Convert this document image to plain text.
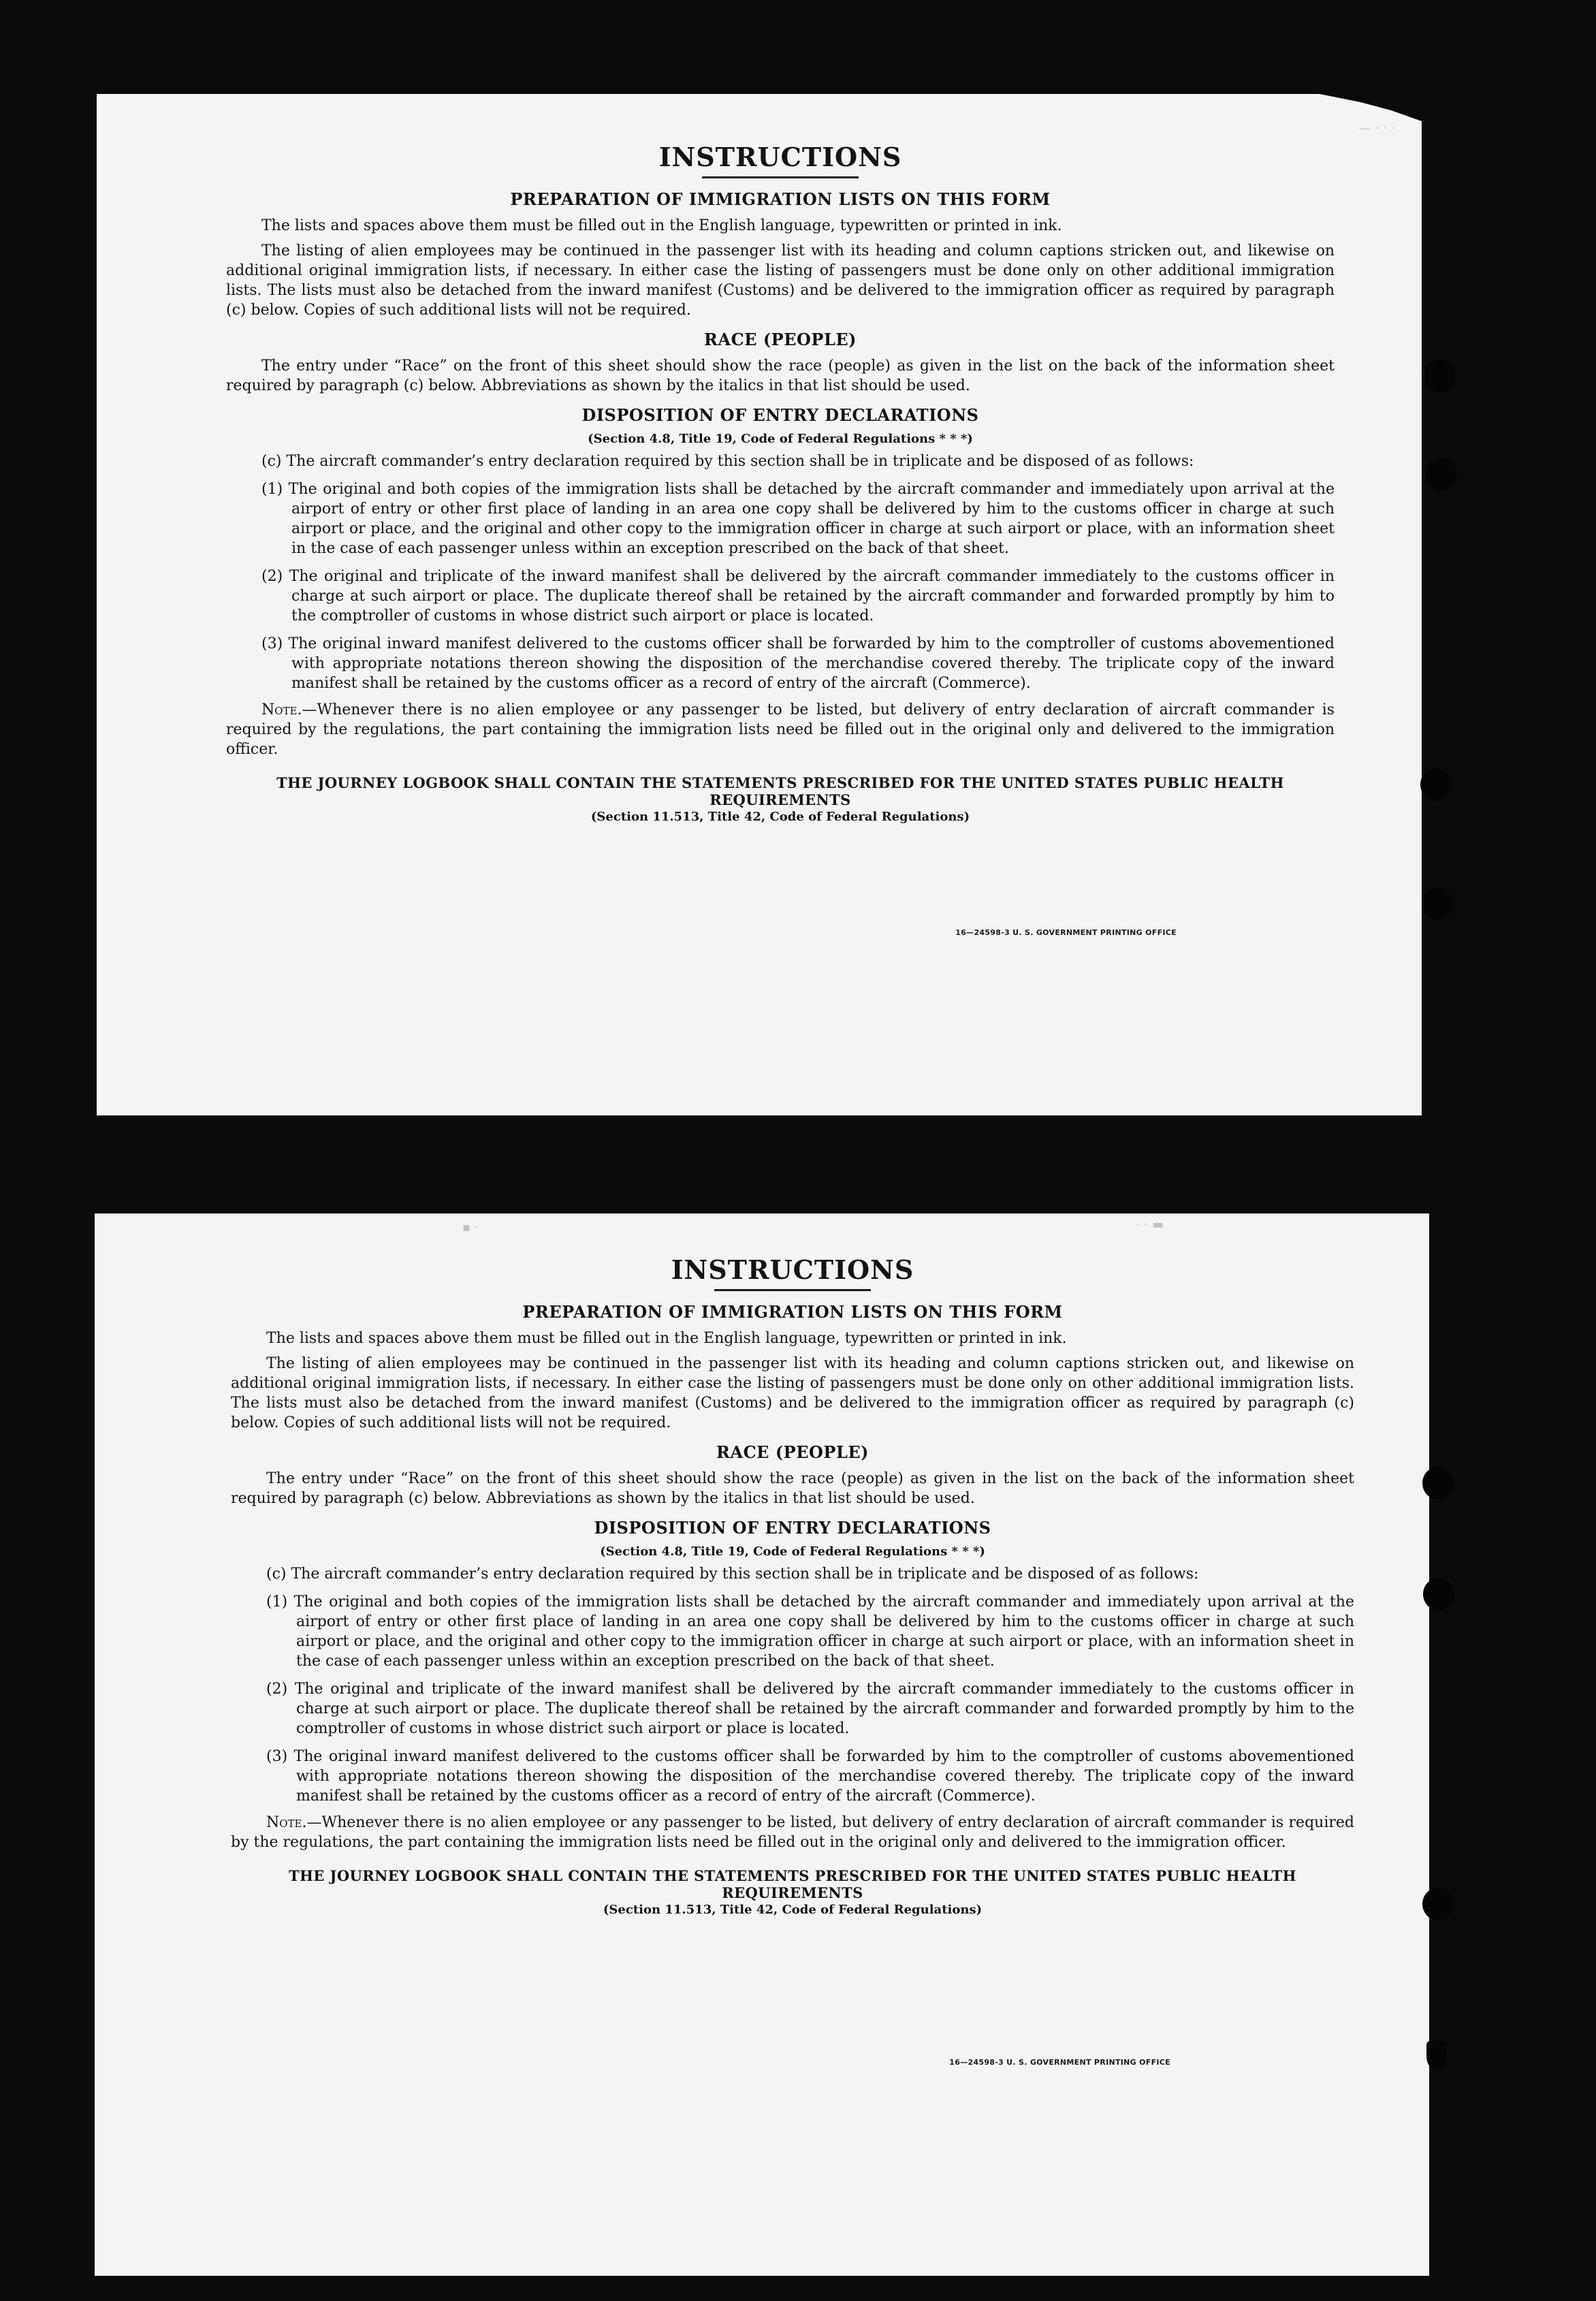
— · · ·
INSTRUCTIONS
PREPARATION OF IMMIGRATION LISTS ON THIS FORM

The lists and spaces above them must be filled out in the English language, typewritten or printed in ink.

The listing of alien employees may be continued in the passenger list with its heading and column captions stricken out, and likewise on additional original immigration lists, if necessary. In either case the listing of passengers must be done only on other additional immigration lists. The lists must also be detached from the inward manifest (Customs) and be delivered to the immigration officer as required by paragraph (c) below. Copies of such additional lists will not be required.

RACE (PEOPLE)

The entry under “Race” on the front of this sheet should show the race (people) as given in the list on the back of the information sheet required by paragraph (c) below. Abbreviations as shown by the italics in that list should be used.

DISPOSITION OF ENTRY DECLARATIONS
(Section 4.8, Title 19, Code of Federal Regulations * * *)
(c) The aircraft commander’s entry declaration required by this section shall be in triplicate and be disposed of as follows:
(1) The original and both copies of the immigration lists shall be detached by the aircraft commander and immediately upon arrival at the airport of entry or other first place of landing in an area one copy shall be delivered by him to the customs officer in charge at such airport or place, and the original and other copy to the immigration officer in charge at such airport or place, with an information sheet in the case of each passenger unless within an exception prescribed on the back of that sheet.
(2) The original and triplicate of the inward manifest shall be delivered by the aircraft commander immediately to the customs officer in charge at such airport or place. The duplicate thereof shall be retained by the aircraft commander and forwarded promptly by him to the comptroller of customs in whose district such airport or place is located.
(3) The original inward manifest delivered to the customs officer shall be forwarded by him to the comptroller of customs abovementioned with appropriate notations thereon showing the disposition of the merchandise covered thereby. The triplicate copy of the inward manifest shall be retained by the customs officer as a record of entry of the aircraft (Commerce).

Note.—Whenever there is no alien employee or any passenger to be listed, but delivery of entry declaration of aircraft commander is required by the regulations, the part containing the immigration lists need be filled out in the original only and delivered to the immigration officer.

THE JOURNEY LOGBOOK SHALL CONTAIN THE STATEMENTS PRESCRIBED FOR THE UNITED STATES PUBLIC HEALTH REQUIREMENTS
(Section 11.513, Title 42, Code of Federal Regulations)
16—24598-3 U. S. GOVERNMENT PRINTING OFFICE
▪ ·	· · ▬
INSTRUCTIONS
PREPARATION OF IMMIGRATION LISTS ON THIS FORM

The lists and spaces above them must be filled out in the English language, typewritten or printed in ink.

The listing of alien employees may be continued in the passenger list with its heading and column captions stricken out, and likewise on additional original immigration lists, if necessary. In either case the listing of passengers must be done only on other additional immigration lists. The lists must also be detached from the inward manifest (Customs) and be delivered to the immigration officer as required by paragraph (c) below. Copies of such additional lists will not be required.

RACE (PEOPLE)

The entry under “Race” on the front of this sheet should show the race (people) as given in the list on the back of the information sheet required by paragraph (c) below. Abbreviations as shown by the italics in that list should be used.

DISPOSITION OF ENTRY DECLARATIONS
(Section 4.8, Title 19, Code of Federal Regulations * * *)
(c) The aircraft commander’s entry declaration required by this section shall be in triplicate and be disposed of as follows:
(1) The original and both copies of the immigration lists shall be detached by the aircraft commander and immediately upon arrival at the airport of entry or other first place of landing in an area one copy shall be delivered by him to the customs officer in charge at such airport or place, and the original and other copy to the immigration officer in charge at such airport or place, with an information sheet in the case of each passenger unless within an exception prescribed on the back of that sheet.
(2) The original and triplicate of the inward manifest shall be delivered by the aircraft commander immediately to the customs officer in charge at such airport or place. The duplicate thereof shall be retained by the aircraft commander and forwarded promptly by him to the comptroller of customs in whose district such airport or place is located.
(3) The original inward manifest delivered to the customs officer shall be forwarded by him to the comptroller of customs abovementioned with appropriate notations thereon showing the disposition of the merchandise covered thereby. The triplicate copy of the inward manifest shall be retained by the customs officer as a record of entry of the aircraft (Commerce).

Note.—Whenever there is no alien employee or any passenger to be listed, but delivery of entry declaration of aircraft commander is required by the regulations, the part containing the immigration lists need be filled out in the original only and delivered to the immigration officer.

THE JOURNEY LOGBOOK SHALL CONTAIN THE STATEMENTS PRESCRIBED FOR THE UNITED STATES PUBLIC HEALTH REQUIREMENTS
(Section 11.513, Title 42, Code of Federal Regulations)
16—24598-3 U. S. GOVERNMENT PRINTING OFFICE
